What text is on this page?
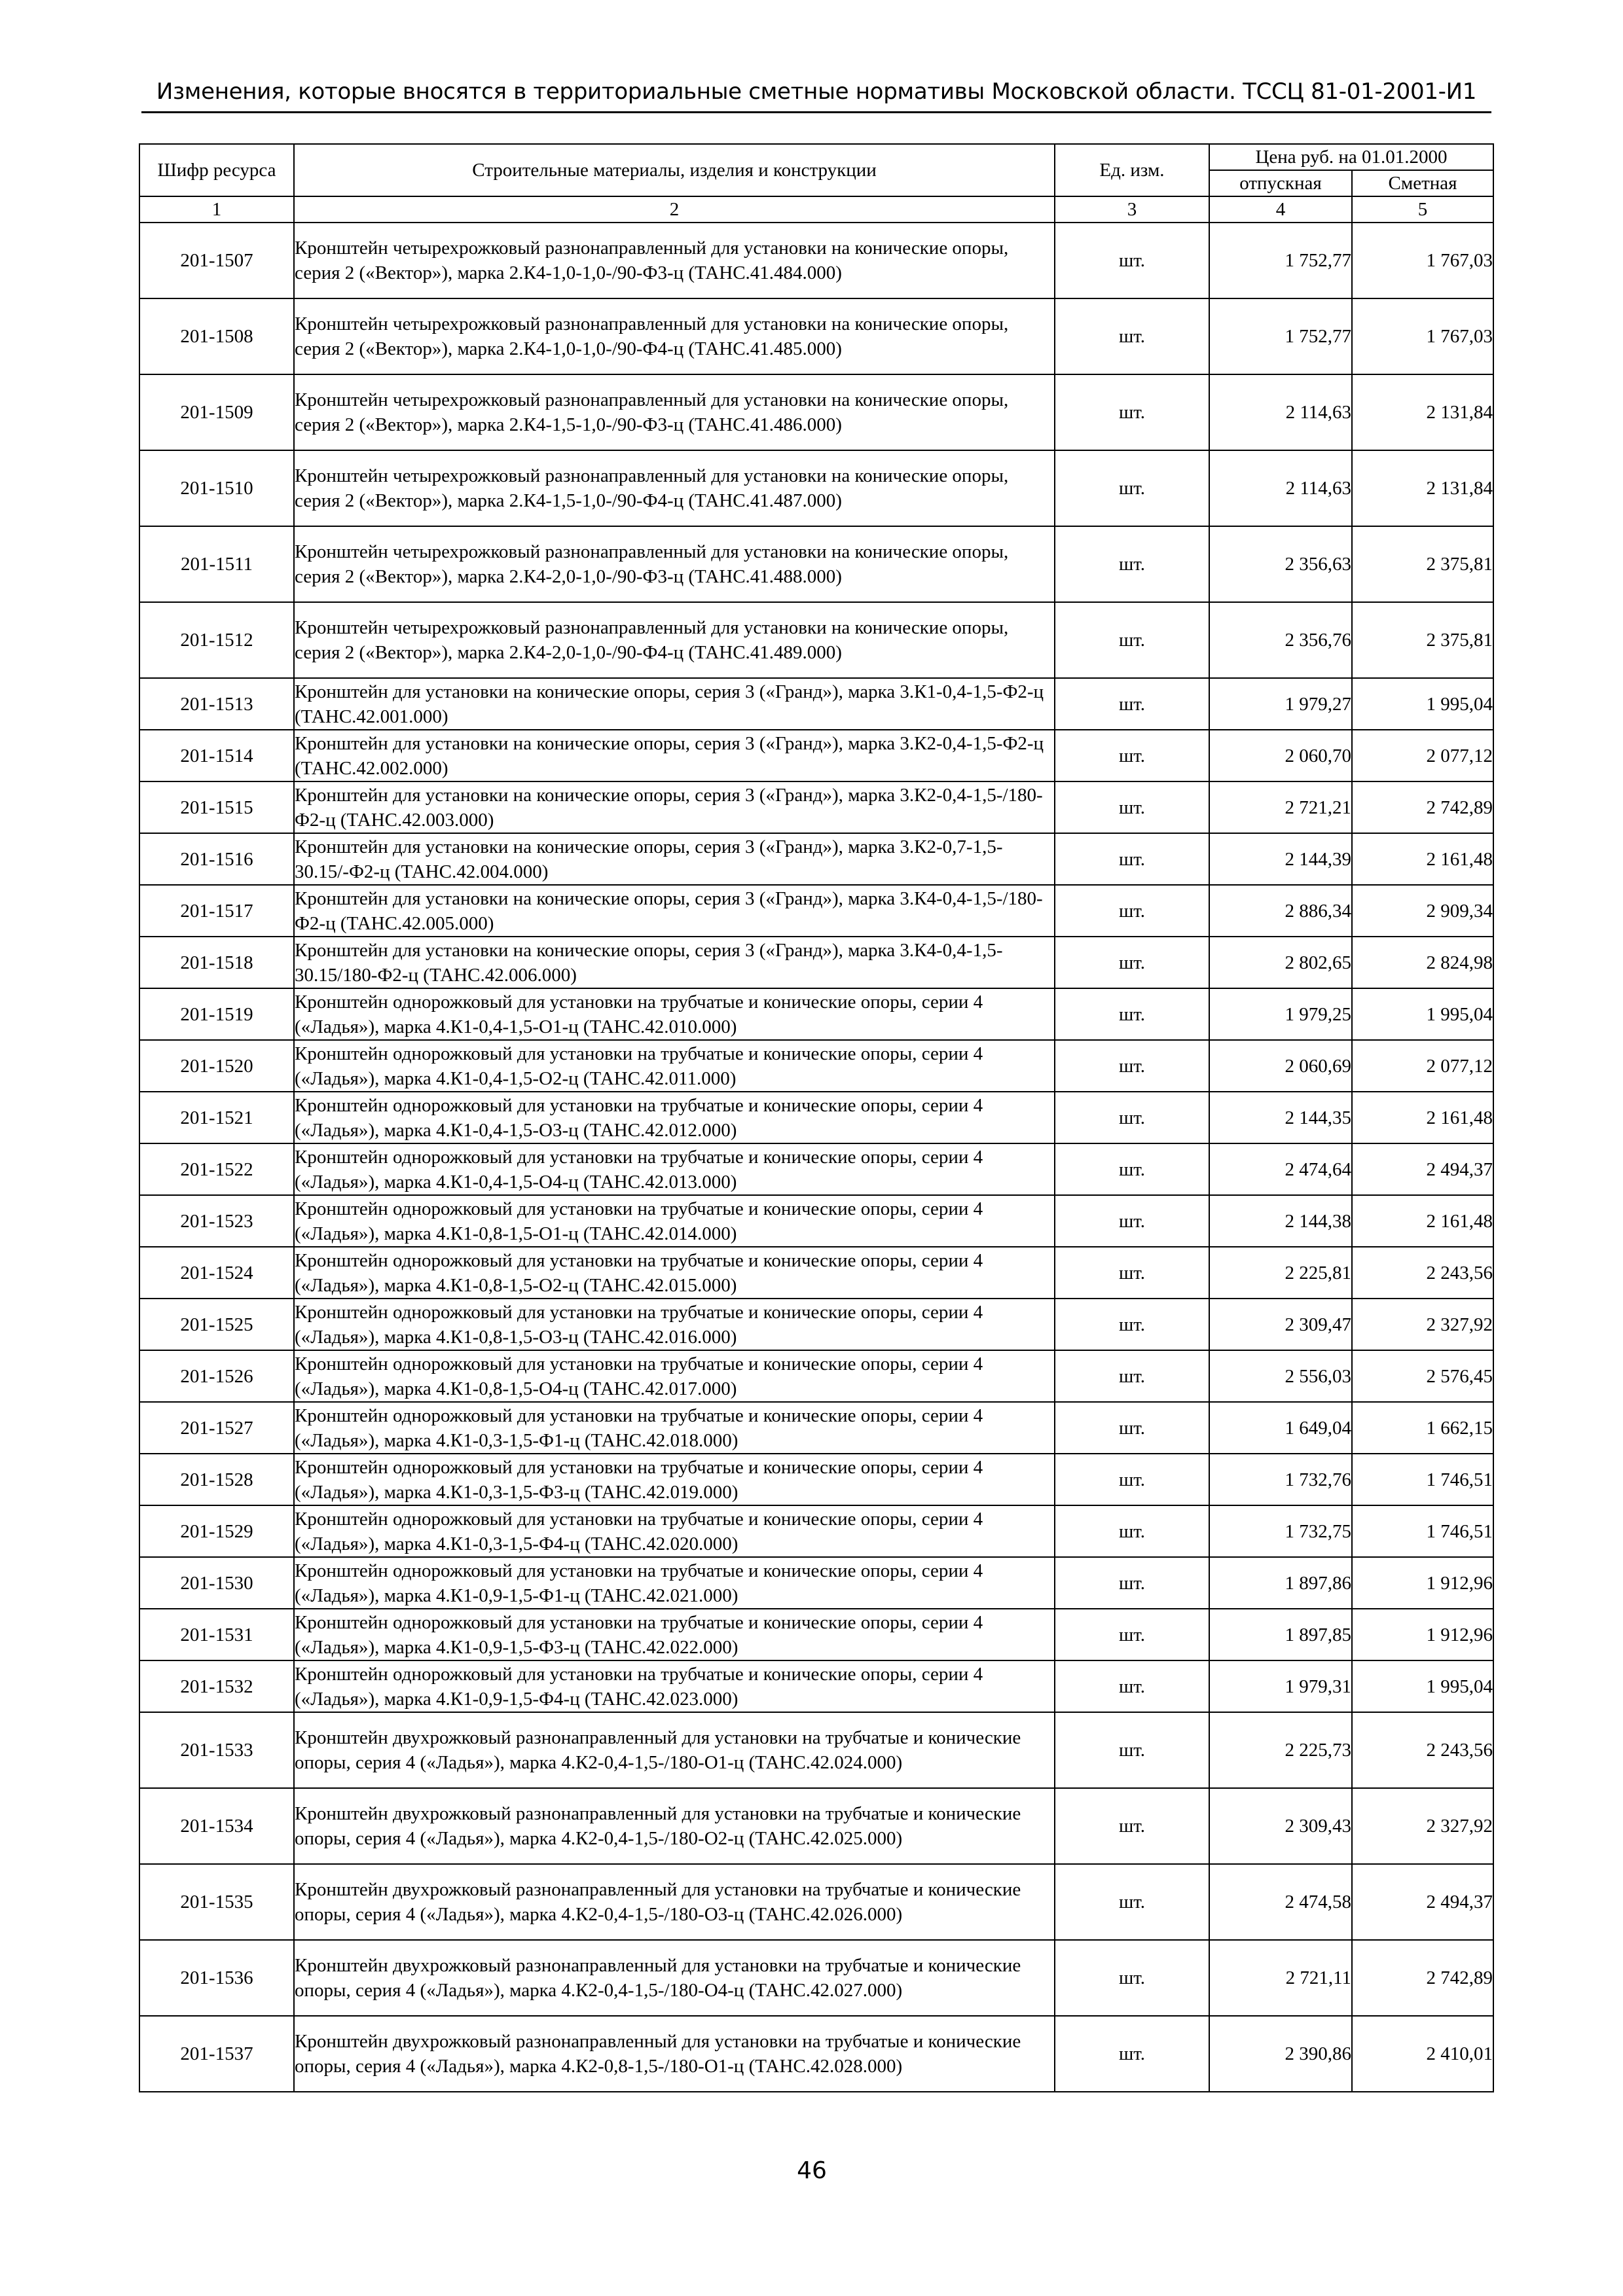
Изменения, которые вносятся в территориальные сметные нормативы Московской области. ТССЦ 81-01-2001-И1
Шифр ресурса	Строительные материалы, изделия и конструкции	Ед. изм.	Цена руб. на 01.01.2000	
			отпускная	Сметная
1	2	3	4	5
201-1507	Кронштейн четырехрожковый разнонаправленный для установки на конические опоры, серия 2 («Вектор»), марка 2.К4-1,0-1,0-/90-Ф3-ц (ТАНС.41.484.000)	шт.	1 752,77	1 767,03
201-1508	Кронштейн четырехрожковый разнонаправленный для установки на конические опоры, серия 2 («Вектор»), марка 2.К4-1,0-1,0-/90-Ф4-ц (ТАНС.41.485.000)	шт.	1 752,77	1 767,03
201-1509	Кронштейн четырехрожковый разнонаправленный для установки на конические опоры, серия 2 («Вектор»), марка 2.К4-1,5-1,0-/90-Ф3-ц (ТАНС.41.486.000)	шт.	2 114,63	2 131,84
201-1510	Кронштейн четырехрожковый разнонаправленный для установки на конические опоры, серия 2 («Вектор»), марка 2.К4-1,5-1,0-/90-Ф4-ц (ТАНС.41.487.000)	шт.	2 114,63	2 131,84
201-1511	Кронштейн четырехрожковый разнонаправленный для установки на конические опоры, серия 2 («Вектор»), марка 2.К4-2,0-1,0-/90-Ф3-ц (ТАНС.41.488.000)	шт.	2 356,63	2 375,81
201-1512	Кронштейн четырехрожковый разнонаправленный для установки на конические опоры, серия 2 («Вектор»), марка 2.К4-2,0-1,0-/90-Ф4-ц (ТАНС.41.489.000)	шт.	2 356,76	2 375,81
201-1513	Кронштейн для установки на конические опоры, серия 3 («Гранд»), марка 3.К1-0,4-1,5-Ф2-ц (ТАНС.42.001.000)	шт.	1 979,27	1 995,04
201-1514	Кронштейн для установки на конические опоры, серия 3 («Гранд»), марка 3.К2-0,4-1,5-Ф2-ц (ТАНС.42.002.000)	шт.	2 060,70	2 077,12
201-1515	Кронштейн для установки на конические опоры, серия 3 («Гранд»), марка 3.К2-0,4-1,5-/180-Ф2-ц (ТАНС.42.003.000)	шт.	2 721,21	2 742,89
201-1516	Кронштейн для установки на конические опоры, серия 3 («Гранд»), марка 3.К2-0,7-1,5-30.15/-Ф2-ц (ТАНС.42.004.000)	шт.	2 144,39	2 161,48
201-1517	Кронштейн для установки на конические опоры, серия 3 («Гранд»), марка 3.К4-0,4-1,5-/180-Ф2-ц (ТАНС.42.005.000)	шт.	2 886,34	2 909,34
201-1518	Кронштейн для установки на конические опоры, серия 3 («Гранд»), марка 3.К4-0,4-1,5-30.15/180-Ф2-ц (ТАНС.42.006.000)	шт.	2 802,65	2 824,98
201-1519	Кронштейн однорожковый для установки на трубчатые и конические опоры, серии 4 («Ладья»), марка 4.К1-0,4-1,5-О1-ц (ТАНС.42.010.000)	шт.	1 979,25	1 995,04
201-1520	Кронштейн однорожковый для установки на трубчатые и конические опоры, серии 4 («Ладья»), марка 4.К1-0,4-1,5-О2-ц (ТАНС.42.011.000)	шт.	2 060,69	2 077,12
201-1521	Кронштейн однорожковый для установки на трубчатые и конические опоры, серии 4 («Ладья»), марка 4.К1-0,4-1,5-О3-ц (ТАНС.42.012.000)	шт.	2 144,35	2 161,48
201-1522	Кронштейн однорожковый для установки на трубчатые и конические опоры, серии 4 («Ладья»), марка 4.К1-0,4-1,5-О4-ц (ТАНС.42.013.000)	шт.	2 474,64	2 494,37
201-1523	Кронштейн однорожковый для установки на трубчатые и конические опоры, серии 4 («Ладья»), марка 4.К1-0,8-1,5-О1-ц (ТАНС.42.014.000)	шт.	2 144,38	2 161,48
201-1524	Кронштейн однорожковый для установки на трубчатые и конические опоры, серии 4 («Ладья»), марка 4.К1-0,8-1,5-О2-ц (ТАНС.42.015.000)	шт.	2 225,81	2 243,56
201-1525	Кронштейн однорожковый для установки на трубчатые и конические опоры, серии 4 («Ладья»), марка 4.К1-0,8-1,5-О3-ц (ТАНС.42.016.000)	шт.	2 309,47	2 327,92
201-1526	Кронштейн однорожковый для установки на трубчатые и конические опоры, серии 4 («Ладья»), марка 4.К1-0,8-1,5-О4-ц (ТАНС.42.017.000)	шт.	2 556,03	2 576,45
201-1527	Кронштейн однорожковый для установки на трубчатые и конические опоры, серии 4 («Ладья»), марка 4.К1-0,3-1,5-Ф1-ц (ТАНС.42.018.000)	шт.	1 649,04	1 662,15
201-1528	Кронштейн однорожковый для установки на трубчатые и конические опоры, серии 4 («Ладья»), марка 4.К1-0,3-1,5-Ф3-ц (ТАНС.42.019.000)	шт.	1 732,76	1 746,51
201-1529	Кронштейн однорожковый для установки на трубчатые и конические опоры, серии 4 («Ладья»), марка 4.К1-0,3-1,5-Ф4-ц (ТАНС.42.020.000)	шт.	1 732,75	1 746,51
201-1530	Кронштейн однорожковый для установки на трубчатые и конические опоры, серии 4 («Ладья»), марка 4.К1-0,9-1,5-Ф1-ц (ТАНС.42.021.000)	шт.	1 897,86	1 912,96
201-1531	Кронштейн однорожковый для установки на трубчатые и конические опоры, серии 4 («Ладья»), марка 4.К1-0,9-1,5-Ф3-ц (ТАНС.42.022.000)	шт.	1 897,85	1 912,96
201-1532	Кронштейн однорожковый для установки на трубчатые и конические опоры, серии 4 («Ладья»), марка 4.К1-0,9-1,5-Ф4-ц (ТАНС.42.023.000)	шт.	1 979,31	1 995,04
201-1533	Кронштейн двухрожковый разнонаправленный для установки на трубчатые и конические опоры, серия 4 («Ладья»), марка 4.К2-0,4-1,5-/180-О1-ц (ТАНС.42.024.000)	шт.	2 225,73	2 243,56
201-1534	Кронштейн двухрожковый разнонаправленный для установки на трубчатые и конические опоры, серия 4 («Ладья»), марка 4.К2-0,4-1,5-/180-О2-ц (ТАНС.42.025.000)	шт.	2 309,43	2 327,92
201-1535	Кронштейн двухрожковый разнонаправленный для установки на трубчатые и конические опоры, серия 4 («Ладья»), марка 4.К2-0,4-1,5-/180-О3-ц (ТАНС.42.026.000)	шт.	2 474,58	2 494,37
201-1536	Кронштейн двухрожковый разнонаправленный для установки на трубчатые и конические опоры, серия 4 («Ладья»), марка 4.К2-0,4-1,5-/180-О4-ц (ТАНС.42.027.000)	шт.	2 721,11	2 742,89
201-1537	Кронштейн двухрожковый разнонаправленный для установки на трубчатые и конические опоры, серия 4 («Ладья»), марка 4.К2-0,8-1,5-/180-О1-ц (ТАНС.42.028.000)	шт.	2 390,86	2 410,01
46
